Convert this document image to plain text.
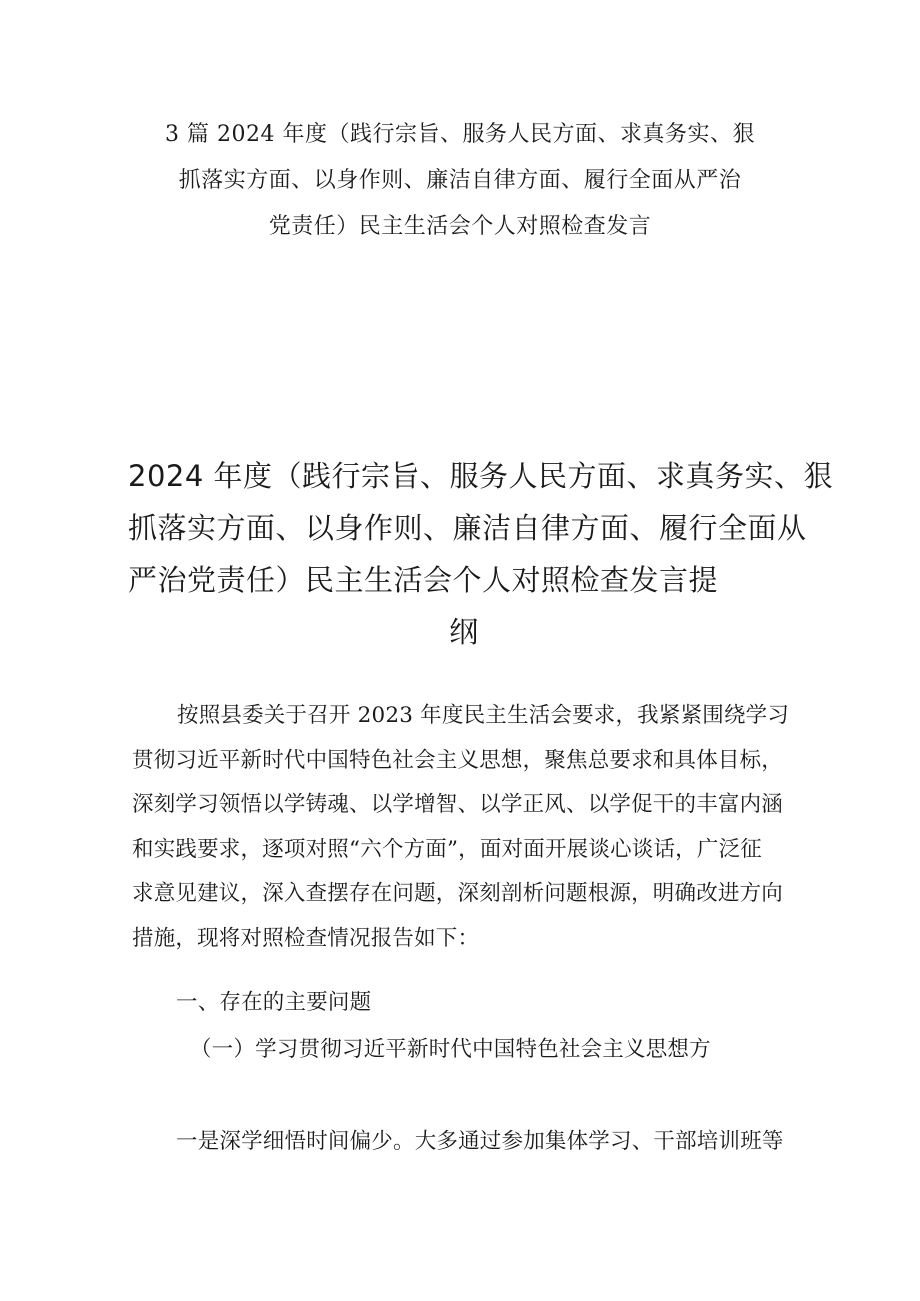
3 篇 2024 年度（践行宗旨、服务人民方面、求真务实、狠
抓落实方面、以身作则、廉洁自律方面、履行全面从严治
党责任）民主生活会个人对照检查发言
2024 年度（践行宗旨、服务人民方面、求真务实、狠
抓落实方面、以身作则、廉洁自律方面、履行全面从
严治党责任）民主生活会个人对照检查发言提
纲
按照县委关于召开 2023 年度民主生活会要求，我紧紧围绕学习
贯彻习近平新时代中国特色社会主义思想，聚焦总要求和具体目标，
深刻学习领悟以学铸魂、以学增智、以学正风、以学促干的丰富内涵
和实践要求，逐项对照“六个方面”，面对面开展谈心谈话，广泛征
求意见建议，深入查摆存在问题，深刻剖析问题根源，明确改进方向
措施，现将对照检查情况报告如下：
一、存在的主要问题
（一）学习贯彻习近平新时代中国特色社会主义思想方
一是深学细悟时间偏少。大多通过参加集体学习、干部培训班等
